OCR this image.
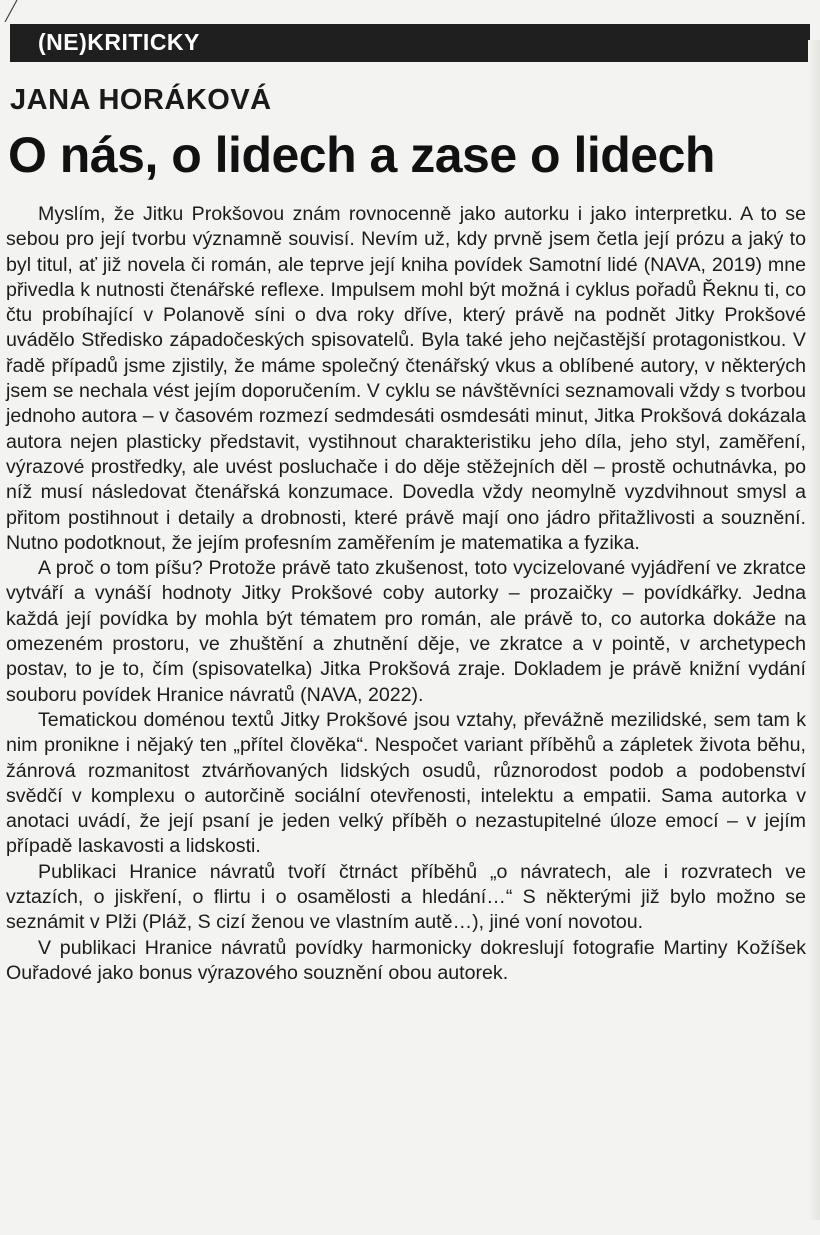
(NE)KRITICKY
JANA HORÁKOVÁ
O nás, o lidech a zase o lidech

Myslím, že Jitku Prokšovou znám rovnocenně jako autorku i jako interpretku. A to se sebou pro její tvorbu významně souvisí. Nevím už, kdy prvně jsem četla její prózu a jaký to byl titul, ať již novela či román, ale teprve její kniha povídek Samotní lidé (NAVA, 2019) mne přivedla k nutnosti čtenářské reflexe. Impulsem mohl být možná i cyklus pořadů Řeknu ti, co čtu probíhající v Polanově síni o dva roky dříve, který právě na podnět Jitky Prokšové uvádělo Středisko západočeských spisovatelů. Byla také jeho nejčastější protagonistkou. V řadě případů jsme zjistily, že máme společný čtenářský vkus a oblíbené autory, v některých jsem se nechala vést jejím doporučením. V cyklu se návštěvníci seznamovali vždy s tvorbou jednoho autora – v časovém rozmezí sedmdesáti osmdesáti minut, Jitka Prokšová dokázala autora nejen plasticky představit, vystihnout charakteristiku jeho díla, jeho styl, zaměření, výrazové prostředky, ale uvést posluchače i do děje stěžejních děl – prostě ochutnávka, po níž musí následovat čtenářská konzumace. Dovedla vždy neomylně vyzdvihnout smysl a přitom postihnout i detaily a drobnosti, které právě mají ono jádro přitažlivosti a souznění. Nutno podotknout, že jejím profesním zaměřením je matematika a fyzika.

A proč o tom píšu? Protože právě tato zkušenost, toto vycizelované vyjádření ve zkratce vytváří a vynáší hodnoty Jitky Prokšové coby autorky – prozaičky – povídkářky. Jedna každá její povídka by mohla být tématem pro román, ale právě to, co autorka dokáže na omezeném prostoru, ve zhuštění a zhutnění děje, ve zkratce a v pointě, v archetypech postav, to je to, čím (spisovatelka) Jitka Prokšová zraje. Dokladem je právě knižní vydání souboru povídek Hranice návratů (NAVA, 2022).

Tematickou doménou textů Jitky Prokšové jsou vztahy, převážně mezilidské, sem tam k nim pronikne i nějaký ten „přítel člověka“. Nespočet variant příběhů a zápletek života běhu, žánrová rozmanitost ztvárňovaných lidských osudů, různorodost podob a podobenství svědčí v komplexu o autorčině sociální otevřenosti, intelektu a empatii. Sama autorka v anotaci uvádí, že její psaní je jeden velký příběh o nezastupitelné úloze emocí – v jejím případě laskavosti a lidskosti.

Publikaci Hranice návratů tvoří čtrnáct příběhů „o návratech, ale i rozvratech ve vztazích, o jiskření, o flirtu i o osamělosti a hledání…“ S některými již bylo možno se seznámit v Plži (Pláž, S cizí ženou ve vlastním autě…), jiné voní novotou.

V publikaci Hranice návratů povídky harmonicky dokreslují fotografie Martiny Kožíšek Ouřadové jako bonus výrazového souznění obou autorek.
